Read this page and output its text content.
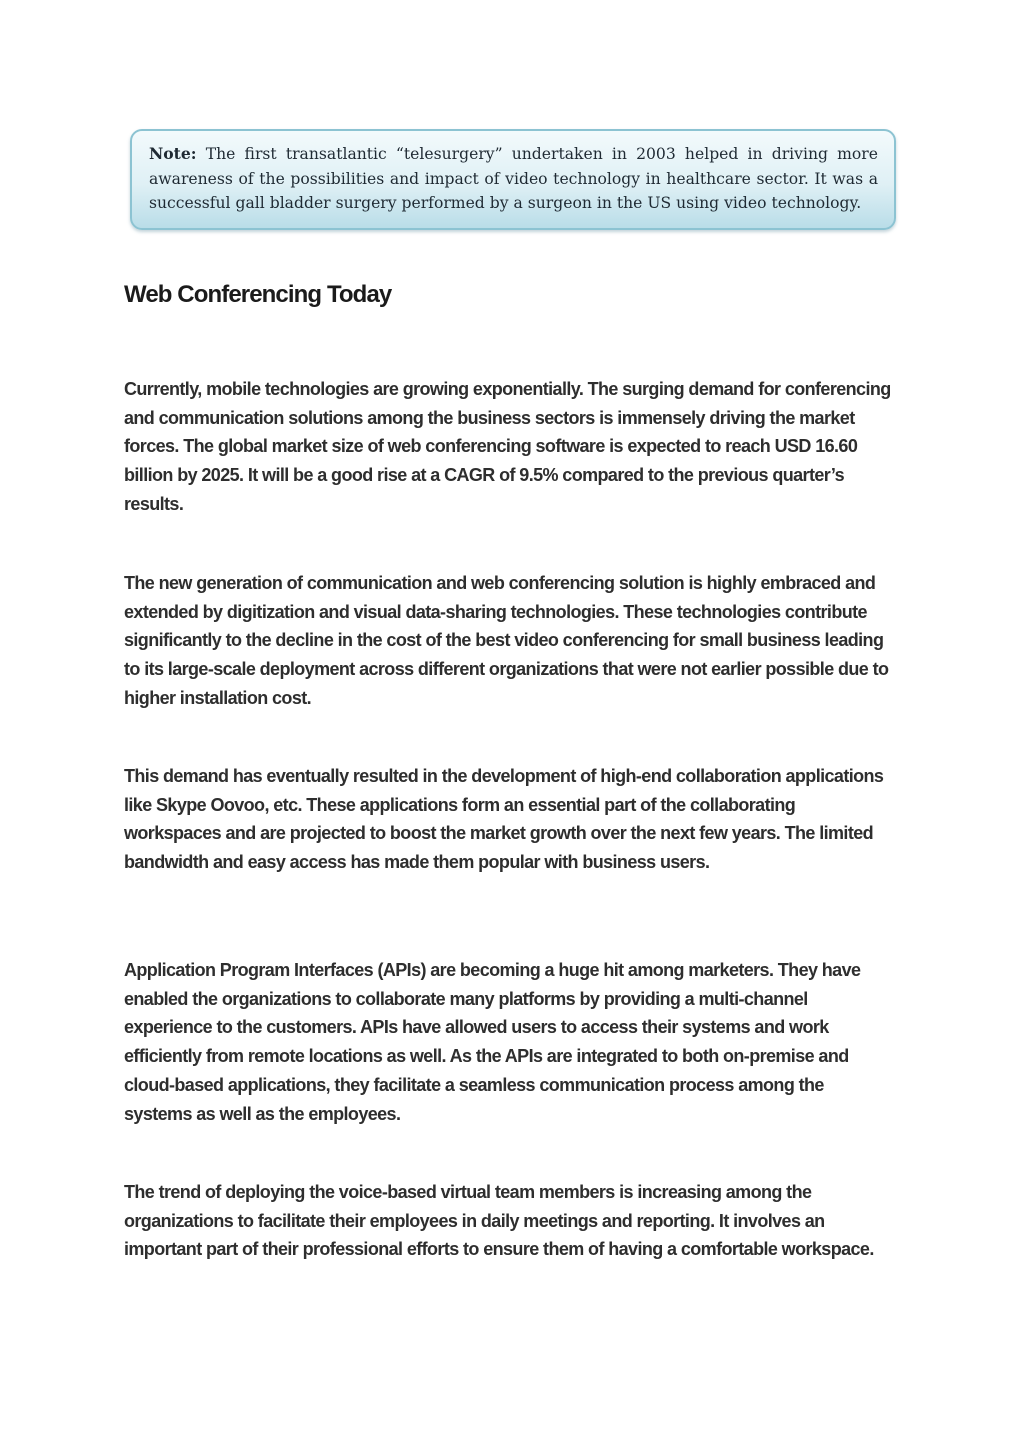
Note: The first transatlantic “telesurgery” undertaken in 2003 helped in driving more awareness of the possibilities and impact of video technology in healthcare sector. It was a successful gall bladder surgery performed by a surgeon in the US using video technology.

Web Conferencing Today

Currently, mobile technologies are growing exponentially. The surging demand for conferencing and communication solutions among the business sectors is immensely driving the market forces. The global market size of web conferencing software is expected to reach USD 16.60 billion by 2025. It will be a good rise at a CAGR of 9.5% compared to the previous quarter’s results.

The new generation of communication and web conferencing solution is highly embraced and extended by digitization and visual data-sharing technologies. These technologies contribute significantly to the decline in the cost of the best video conferencing for small business leading to its large-scale deployment across different organizations that were not earlier possible due to higher installation cost.

This demand has eventually resulted in the development of high-end collaboration applications like Skype Oovoo, etc. These applications form an essential part of the collaborating workspaces and are projected to boost the market growth over the next few years. The limited bandwidth and easy access has made them popular with business users.

Application Program Interfaces (APIs) are becoming a huge hit among marketers. They have enabled the organizations to collaborate many platforms by providing a multi-channel experience to the customers. APIs have allowed users to access their systems and work efficiently from remote locations as well. As the APIs are integrated to both on-premise and cloud-based applications, they facilitate a seamless communication process among the systems as well as the employees.

The trend of deploying the voice-based virtual team members is increasing among the organizations to facilitate their employees in daily meetings and reporting. It involves an important part of their professional efforts to ensure them of having a comfortable workspace.
